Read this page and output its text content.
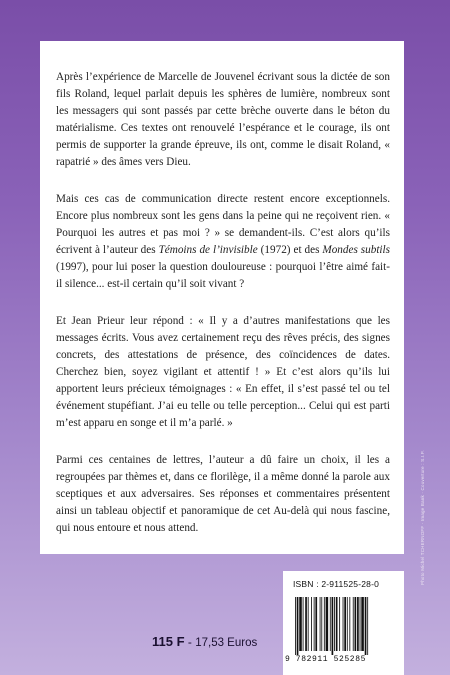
Après l’expérience de Marcelle de Jouvenel écrivant sous la dictée de son fils Roland, lequel parlait depuis les sphères de lumière, nombreux sont les messagers qui sont passés par cette brèche ouverte dans le béton du matérialisme. Ces textes ont renouvelé l’espérance et le courage, ils ont permis de supporter la grande épreuve, ils ont, comme le disait Roland, « rapatrié » des âmes vers Dieu.

Mais ces cas de communication directe restent encore exceptionnels. Encore plus nombreux sont les gens dans la peine qui ne reçoivent rien. « Pourquoi les autres et pas moi ? » se demandent-ils. C’est alors qu’ils écrivent à l’auteur des Témoins de l’invisible (1972) et des Mondes subtils (1997), pour lui poser la question douloureuse : pourquoi l’être aimé fait-il silence... est-il certain qu’il soit vivant ?

Et Jean Prieur leur répond : « Il y a d’autres manifestations que les messages écrits. Vous avez certainement reçu des rêves précis, des signes concrets, des attestations de présence, des coïncidences de dates. Cherchez bien, soyez vigilant et attentif ! » Et c’est alors qu’ils lui apportent leurs précieux témoignages : « En effet, il s’est passé tel ou tel événement stupéfiant. J’ai eu telle ou telle perception... Celui qui est parti m’est apparu en songe et il m’a parlé. »

Parmi ces centaines de lettres, l’auteur a dû faire un choix, il les a regroupées par thèmes et, dans ce florilège, il a même donné la parole aux sceptiques et aux adversaires. Ses réponses et commentaires présentent ainsi un tableau objectif et panoramique de cet Au-delà qui nous fascine, qui nous entoure et nous attend.	Photo Michel TCHERNOFF · Image Bank · Couverture : S.I.P.
115 F - 17,53 Euros
ISBN : 2-911525-28-0
9 782911 525285
